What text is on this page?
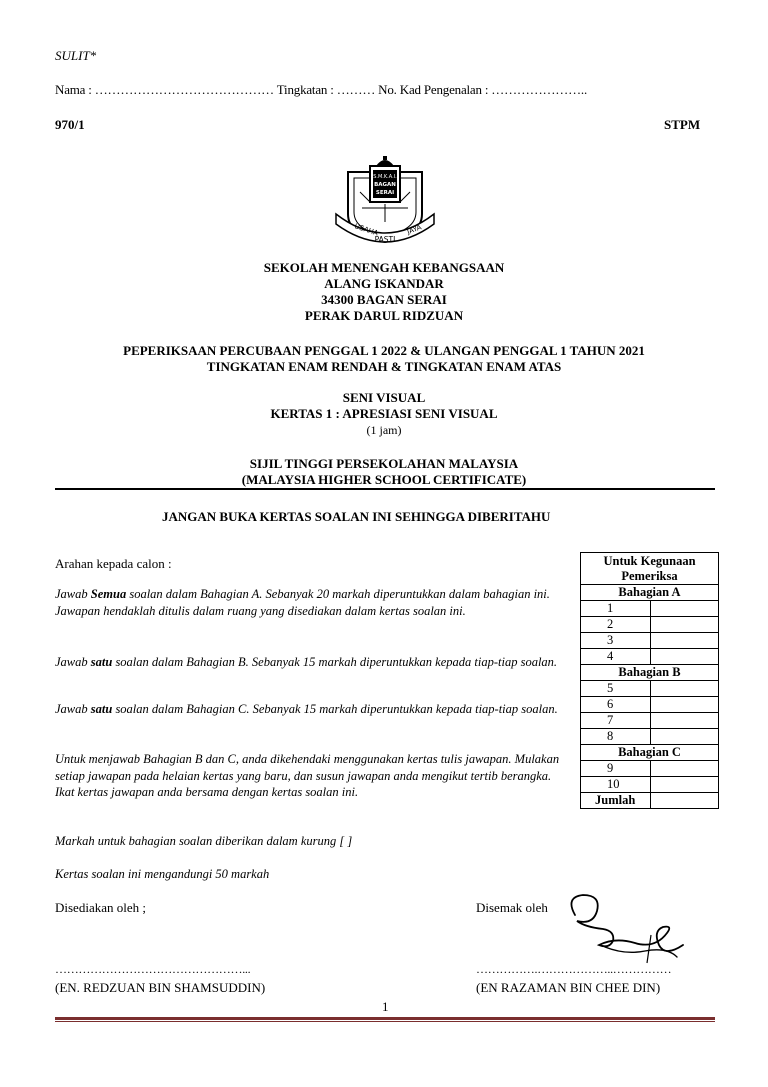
SULIT*
Nama : …………………………………… Tingkatan : ……… No. Kad Pengenalan : …………………..
970/1	STPM
S.M.K.A.I.
BAGAN
SERAI
USAHA
PASTI
JAYA
SEKOLAH MENENGAH KEBANGSAAN
ALANG ISKANDAR
34300 BAGAN SERAI
PERAK DARUL RIDZUAN
PEPERIKSAAN PERCUBAAN PENGGAL 1 2022 & ULANGAN PENGGAL 1 TAHUN 2021
TINGKATAN ENAM RENDAH & TINGKATAN ENAM ATAS
SENI VISUAL
KERTAS 1 : APRESIASI SENI VISUAL
(1 jam)
SIJIL TINGGI PERSEKOLAHAN MALAYSIA
(MALAYSIA HIGHER SCHOOL CERTIFICATE)
JANGAN BUKA KERTAS SOALAN INI SEHINGGA DIBERITAHU
Arahan kepada calon :
Jawab Semua soalan dalam Bahagian A. Sebanyak 20 markah diperuntukkan dalam bahagian ini. Jawapan hendaklah ditulis dalam ruang yang disediakan dalam kertas soalan ini.
Jawab satu soalan dalam Bahagian B. Sebanyak 15 markah diperuntukkan kepada tiap-tiap soalan.
Jawab satu soalan dalam Bahagian C. Sebanyak 15 markah diperuntukkan kepada tiap-tiap soalan.
Untuk menjawab Bahagian B dan C, anda dikehendaki menggunakan kertas tulis jawapan. Mulakan setiap jawapan pada helaian kertas yang baru, dan susun jawapan anda mengikut tertib berangka. Ikat kertas jawapan anda bersama dengan kertas soalan ini.
Markah untuk bahagian soalan diberikan dalam kurung [ ]
Kertas soalan ini mengandungi 50 markah
Untuk Kegunaan Pemeriksa	
Bahagian A	
1	
2	
3	
4	
Bahagian B	
5	
6	
7	
8	
Bahagian C	
9	
10	
Jumlah	
Disediakan oleh ;	Disemak oleh
…………………………………………...	…………….………………..……………
(EN. REDZUAN BIN SHAMSUDDIN)	(EN RAZAMAN BIN CHEE DIN)
1
